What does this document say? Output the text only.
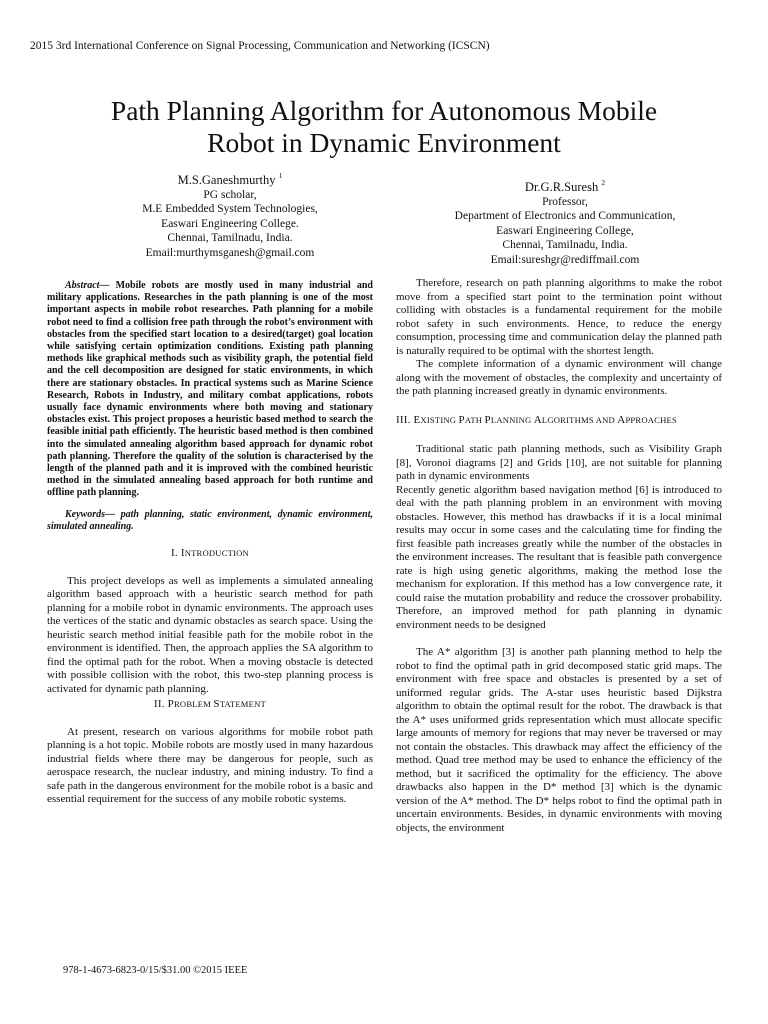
2015 3rd International Conference on Signal Processing, Communication and Networking (ICSCN)
Path Planning Algorithm for Autonomous Mobile
Robot in Dynamic Environment
M.S.Ganeshmurthy $^1$
PG scholar,
M.E Embedded System Technologies,
Easwari Engineering College.
Chennai, Tamilnadu, India.
Email:murthymsganesh@gmail.com
Dr.G.R.Suresh $^2$
Professor,
Department of Electronics and Communication,
Easwari Engineering College,
Chennai, Tamilnadu, India.
Email:sureshgr@rediffmail.com

Abstract— Mobile robots are mostly used in many industrial and military applications. Researches in the path planning is one of the most important aspects in mobile robot researches. Path planning for a mobile robot need to find a collision free path through the robot’s environment with obstacles from the specified start location to a desired(target) goal location while satisfying certain optimization conditions. Existing path planning methods like graphical methods such as visibility graph, the potential field and the cell decomposition are designed for static environments, in which there are stationary obstacles. In practical systems such as Marine Science Research, Robots in Industry, and military combat applications, robots usually face dynamic environments where both moving and stationary obstacles exist. This project proposes a heuristic based method to search the feasible initial path efficiently. The heuristic based method is then combined into the simulated annealing algorithm based approach for dynamic robot path planning. Therefore the quality of the solution is characterised by the length of the planned path and it is improved with the combined heuristic method in the simulated annealing based approach for both runtime and offline path planning.

Keywords— path planning, static environment, dynamic environment, simulated annealing.

I. INTRODUCTION

This project develops as well as implements a simulated annealing algorithm based approach with a heuristic search method for path planning for a mobile robot in dynamic environments. The approach uses the vertices of the static and dynamic obstacles as search space. Using the heuristic search method initial feasible path for the mobile robot in the environment is identified. Then, the approach applies the SA algorithm to find the optimal path for the robot. When a moving obstacle is detected with possible collision with the robot, this two-step planning process is activated for dynamic path planning.

II. PROBLEM STATEMENT

At present, research on various algorithms for mobile robot path planning is a hot topic. Mobile robots are mostly used in many hazardous industrial fields where there may be dangerous for people, such as aerospace research, the nuclear industry, and mining industry. To find a safe path in the dangerous environment for the mobile robot is a basic and essential requirement for the success of any mobile robotic systems.

Therefore, research on path planning algorithms to make the robot move from a specified start point to the termination point without colliding with obstacles is a fundamental requirement for the mobile robot safety in such environments. Hence, to reduce the energy consumption, processing time and communication delay the planned path is naturally required to be optimal with the shortest length.

The complete information of a dynamic environment will change along with the movement of obstacles, the complexity and uncertainty of the path planning increased greatly in dynamic environments.

III. EXISTING PATH PLANNING ALGORITHMS AND APPROACHES

Traditional static path planning methods, such as Visibility Graph [8], Voronoi diagrams [2] and Grids [10], are not suitable for planning path in dynamic environments

Recently genetic algorithm based navigation method [6] is introduced to deal with the path planning problem in an environment with moving obstacles. However, this method has drawbacks if it is a local minimal results may occur in some cases and the calculating time for finding the first feasible path increases greatly while the number of the obstacles in the environment increases. The resultant that is feasible path convergence rate is high using genetic algorithms, making the method lose the mechanism for exploration. If this method has a low convergence rate, it could raise the mutation probability and reduce the crossover probability. Therefore, an improved method for path planning in dynamic environment needs to be designed

The A* algorithm [3] is another path planning method to help the robot to find the optimal path in grid decomposed static grid maps. The environment with free space and obstacles is presented by a set of uniformed regular grids. The A-star uses heuristic based Dijkstra algorithm to obtain the optimal result for the robot. The drawback is that the A* uses uniformed grids representation which must allocate specific large amounts of memory for regions that may never be traversed or may not contain the obstacles. This drawback may affect the efficiency of the method. Quad tree method may be used to enhance the efficiency of the method, but it sacrificed the optimality for the efficiency. The above drawbacks also happen in the D* method [3] which is the dynamic version of the A* method. The D* helps robot to find the optimal path in uncertain environments. Besides, in dynamic environments with moving objects, the environment

978-1-4673-6823-0/15/$31.00 ©2015 IEEE
